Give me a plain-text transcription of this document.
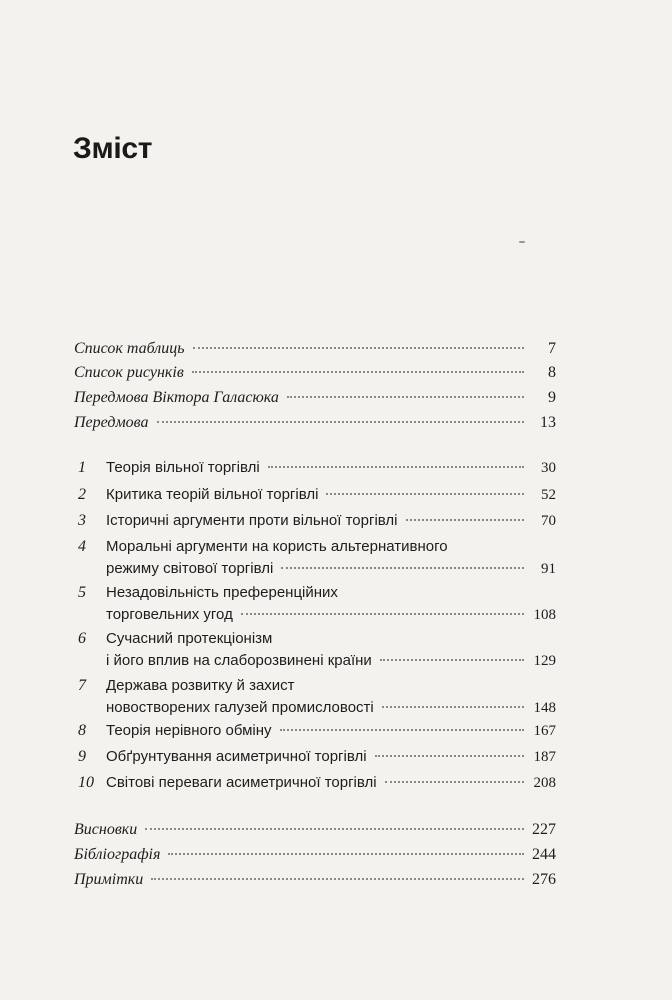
Зміст
Список таблиць	7
Список рисунків	8
Передмова Віктора Галасюка	9
Передмова	13
1	Теорія вільної торгівлі	30
2	Критика теорій вільної торгівлі	52
3	Історичні аргументи проти вільної торгівлі	70
4	Моральні аргументи на користь альтернативного
режиму світової торгівлі	91
5	Незадовільність преференційних
торговельних угод	108
6	Сучасний протекціонізм
і його вплив на слаборозвинені країни	129
7	Держава розвитку й захист
новостворених галузей промисловості	148
8	Теорія нерівного обміну	167
9	Обґрунтування асиметричної торгівлі	187
10 Світові переваги асиметричної торгівлі	208
Висновки	227
Бібліографія	244
Примітки	276
